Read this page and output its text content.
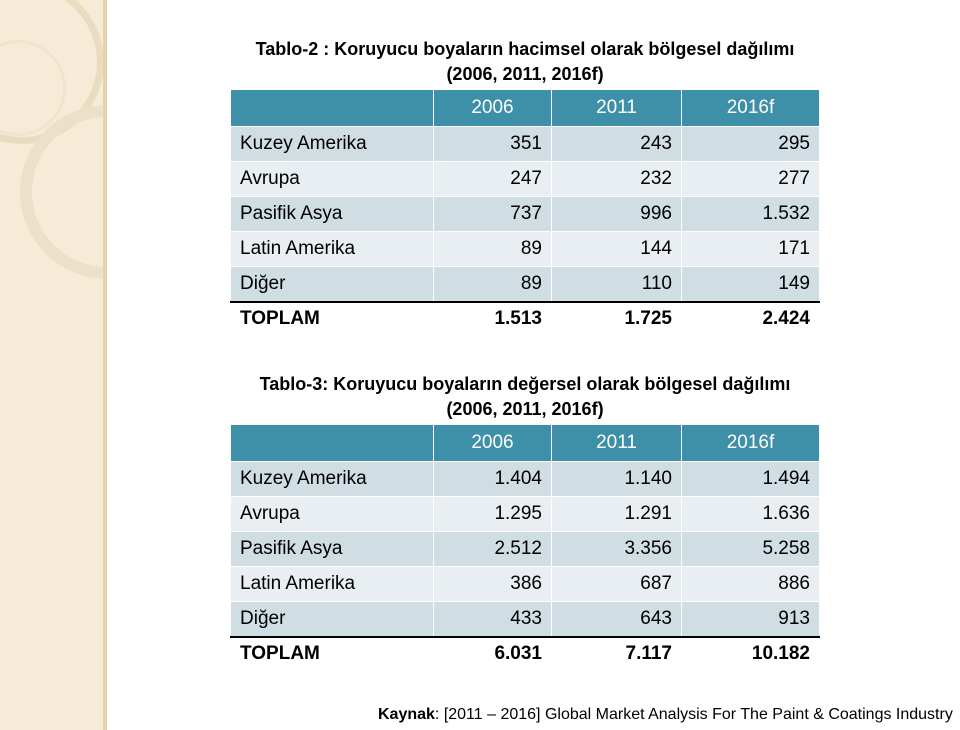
Tablo-2 : Koruyucu boyaların hacimsel olarak bölgesel dağılımı
(2006, 2011, 2016f)
	2006	2011	2016f
Kuzey Amerika	351	243	295
Avrupa	247	232	277
Pasifik Asya	737	996	1.532
Latin Amerika	89	144	171
Diğer	89	110	149
TOPLAM	1.513	1.725	2.424
Tablo-3: Koruyucu boyaların değersel olarak bölgesel dağılımı
(2006, 2011, 2016f)
	2006	2011	2016f
Kuzey Amerika	1.404	1.140	1.494
Avrupa	1.295	1.291	1.636
Pasifik Asya	2.512	3.356	5.258
Latin Amerika	386	687	886
Diğer	433	643	913
TOPLAM	6.031	7.117	10.182
Kaynak: [2011 – 2016] Global Market Analysis For The Paint & Coatings Industry
